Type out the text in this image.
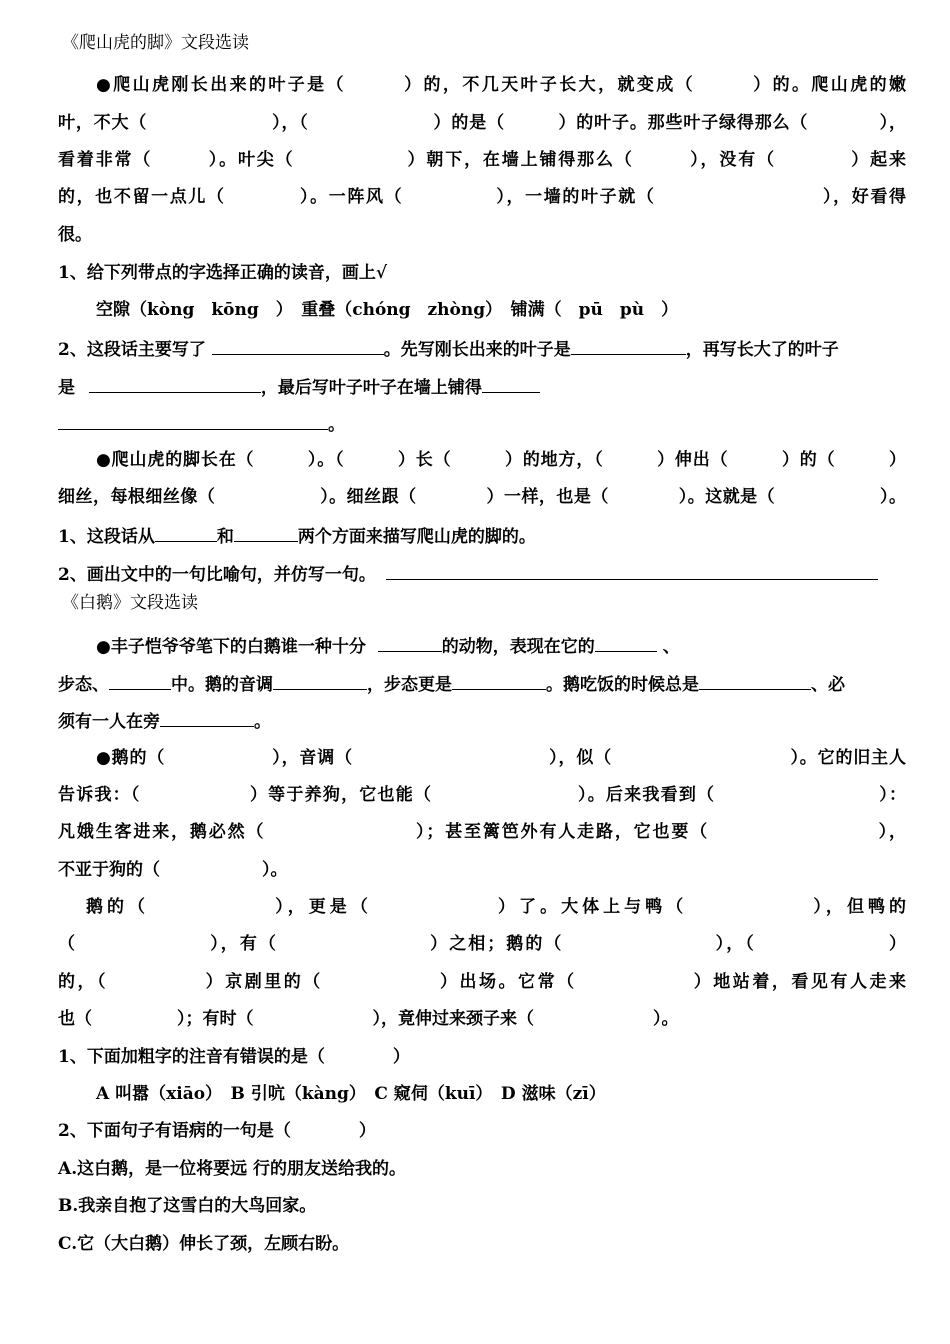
《爬山虎的脚》文段选读
●爬山虎刚长出来的叶子是（　　　）的，不几天叶子长大，就变成（　　　）的。爬山虎的嫩
叶，不大（　　　　　　　），（　　　　　　　）的是（　　　）的叶子。那些叶子绿得那么（　　　　），
看着非常（　　　）。叶尖（　　　　　　）朝下，在墙上铺得那么（　　　），没有（　　　　）起来
的，也不留一点儿（　　　　）。一阵风（　　　　　），一墙的叶子就（　　　　　　　　　），好看得
很。
1、给下列带点的字选择正确的读音，画上√
空隙（kòng　kōng　）　重叠（chóng　zhòng）　铺满（　pū　pù　）
2、这段话主要写了	。先写刚长出来的叶子是	，再写长大了的叶子
是	，最后写叶子叶子在墙上铺得
。
●爬山虎的脚长在（　　　）。（　　　）长（　　　）的地方，（　　　）伸出（　　　）的（　　　）
细丝，每根细丝像（　　　　　　）。细丝跟（　　　　）一样，也是（　　　　）。这就是（　　　　　　）。
1、这段话从	和	两个方面来描写爬山虎的脚的。
2、画出文中的一句比喻句，并仿写一句。
《白鹅》文段选读
●丰子恺爷爷笔下的白鹅谁一种十分	的动物，表现在它的	、
步态、	中。鹅的音调	，步态更是	。鹅吃饭的时候总是	、必
须有一人在旁	。
●鹅的（　　　　　　），音调（　　　　　　　　　　　），似（　　　　　　　　　　）。它的旧主人
告诉我：（　　　　　　）等于养狗，它也能（　　　　　　　　）。后来我看到（　　　　　　　　　）：
凡娥生客进来，鹅必然（　　　　　　　　）；甚至篱笆外有人走路，它也要（　　　　　　　　　），
不亚于狗的（　　　　　　）。
鹅的（　　　　　　），更是（　　　　　　）了。大体上与鸭（　　　　　　），但鸭的
（　　　　　　　），有（　　　　　　　　）之相；鹅的（　　　　　　　　），（　　　　　　　）
的，（　　　　　）京剧里的（　　　　　　）出场。它常（　　　　　　）地站着，看见有人走来
也（　　　　　）；有时（　　　　　　　），竟伸过来颈子来（　　　　　　　）。
1、下面加粗字的注音有错误的是（　　　　）
A 叫嚣（xiāo）　B 引吭（kàng）　C 窥伺（kuī）　D 滋味（zī）
2、下面句子有语病的一句是（　　　　）
A.这白鹅，是一位将要远 行的朋友送给我的。
B.我亲自抱了这雪白的大鸟回家。
C.它（大白鹅）伸长了颈，左顾右盼。
